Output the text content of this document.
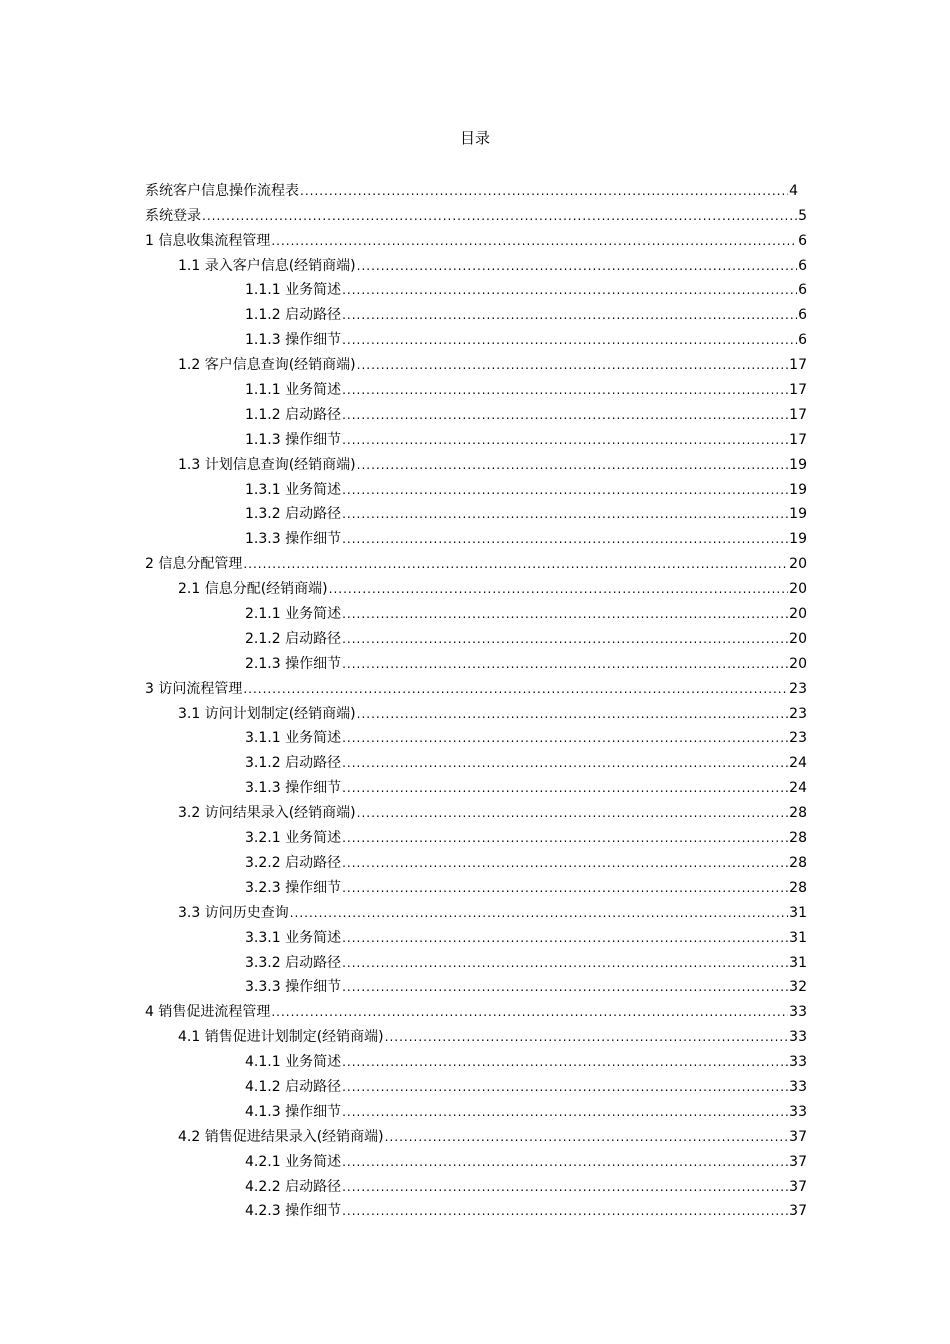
目录
系统客户信息操作流程表 .....	4
系统登录 .....	5
1 信息收集流程管理 .....	6
1.1 录入客户信息(经销商端) .....	6
1.1.1 业务简述 .....	6
1.1.2 启动路径 .....	6
1.1.3 操作细节 .....	6
1.2 客户信息查询(经销商端) .....	17
1.1.1 业务简述 .....	17
1.1.2 启动路径 .....	17
1.1.3 操作细节 .....	17
1.3 计划信息查询(经销商端) .....	19
1.3.1 业务简述 .....	19
1.3.2 启动路径 .....	19
1.3.3 操作细节 .....	19
2 信息分配管理 .....	20
2.1 信息分配(经销商端) .....	20
2.1.1 业务简述 .....	20
2.1.2 启动路径 .....	20
2.1.3 操作细节 .....	20
3 访问流程管理 .....	23
3.1 访问计划制定(经销商端) .....	23
3.1.1 业务简述 .....	23
3.1.2 启动路径 .....	24
3.1.3 操作细节 .....	24
3.2 访问结果录入(经销商端) .....	28
3.2.1 业务简述 .....	28
3.2.2 启动路径 .....	28
3.2.3 操作细节 .....	28
3.3 访问历史查询 .....	31
3.3.1 业务简述 .....	31
3.3.2 启动路径 .....	31
3.3.3 操作细节 .....	32
4 销售促进流程管理 .....	33
4.1 销售促进计划制定(经销商端) .....	33
4.1.1 业务简述 .....	33
4.1.2 启动路径 .....	33
4.1.3 操作细节 .....	33
4.2 销售促进结果录入(经销商端) .....	37
4.2.1 业务简述 .....	37
4.2.2 启动路径 .....	37
4.2.3 操作细节 .....	37
